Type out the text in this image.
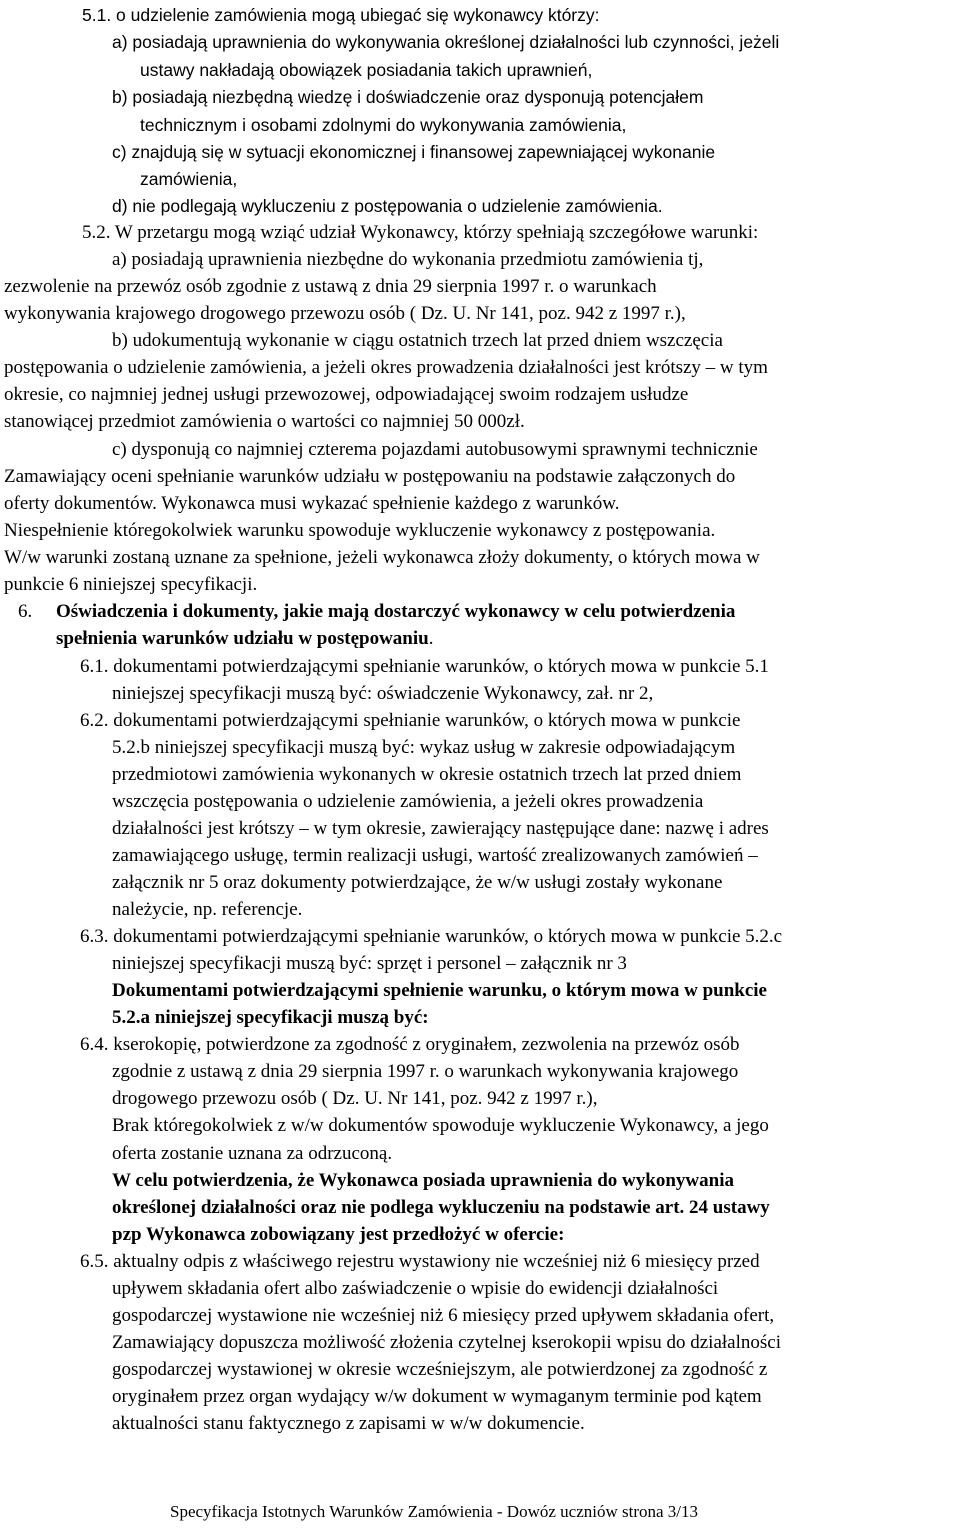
5.1. o udzielenie zamówienia mogą ubiegać się wykonawcy którzy:
a) posiadają uprawnienia do wykonywania określonej działalności lub czynności, jeżeli
ustawy nakładają obowiązek posiadania takich uprawnień,
b) posiadają niezbędną wiedzę i doświadczenie oraz dysponują potencjałem
technicznym i osobami zdolnymi do wykonywania zamówienia,
c) znajdują się w sytuacji ekonomicznej i finansowej zapewniającej wykonanie
zamówienia,
d) nie podlegają wykluczeniu z postępowania o udzielenie zamówienia.
5.2. W przetargu mogą wziąć udział Wykonawcy, którzy spełniają szczegółowe warunki:
a) posiadają uprawnienia niezbędne do wykonania przedmiotu zamówienia tj,
zezwolenie na przewóz osób zgodnie z ustawą z dnia 29 sierpnia 1997 r. o warunkach
wykonywania krajowego drogowego przewozu osób ( Dz. U. Nr 141, poz. 942 z 1997 r.),
b) udokumentują wykonanie w ciągu ostatnich trzech lat przed dniem wszczęcia
postępowania o udzielenie zamówienia, a jeżeli okres prowadzenia działalności jest krótszy – w tym
okresie, co najmniej jednej usługi przewozowej, odpowiadającej swoim rodzajem usłudze
stanowiącej przedmiot zamówienia o wartości co najmniej 50 000zł.
c) dysponują co najmniej czterema pojazdami autobusowymi sprawnymi technicznie
Zamawiający oceni spełnianie warunków udziału w postępowaniu na podstawie załączonych do
oferty dokumentów. Wykonawca musi wykazać spełnienie każdego z warunków.
Niespełnienie któregokolwiek warunku spowoduje wykluczenie wykonawcy z postępowania.
W/w warunki zostaną uznane za spełnione, jeżeli wykonawca złoży dokumenty, o których mowa w
punkcie 6 niniejszej specyfikacji.
6. Oświadczenia i dokumenty, jakie mają dostarczyć wykonawcy w celu potwierdzenia
spełnienia warunków udziału w postępowaniu.
6.1. dokumentami potwierdzającymi spełnianie warunków, o których mowa w punkcie 5.1
niniejszej specyfikacji muszą być: oświadczenie Wykonawcy, zał. nr 2,
6.2. dokumentami potwierdzającymi spełnianie warunków, o których mowa w punkcie
5.2.b niniejszej specyfikacji muszą być: wykaz usług w zakresie odpowiadającym
przedmiotowi zamówienia wykonanych w okresie ostatnich trzech lat przed dniem
wszczęcia postępowania o udzielenie zamówienia, a jeżeli okres prowadzenia
działalności jest krótszy – w tym okresie, zawierający następujące dane: nazwę i adres
zamawiającego usługę, termin realizacji usługi, wartość zrealizowanych zamówień –
załącznik nr 5 oraz dokumenty potwierdzające, że w/w usługi zostały wykonane
należycie, np. referencje.
6.3. dokumentami potwierdzającymi spełnianie warunków, o których mowa w punkcie 5.2.c
niniejszej specyfikacji muszą być: sprzęt i personel – załącznik nr 3
Dokumentami potwierdzającymi spełnienie warunku, o którym mowa w punkcie
5.2.a niniejszej specyfikacji muszą być:
6.4. kserokopię, potwierdzone za zgodność z oryginałem, zezwolenia na przewóz osób
zgodnie z ustawą z dnia 29 sierpnia 1997 r. o warunkach wykonywania krajowego
drogowego przewozu osób ( Dz. U. Nr 141, poz. 942 z 1997 r.),
Brak któregokolwiek z w/w dokumentów spowoduje wykluczenie Wykonawcy, a jego
oferta zostanie uznana za odrzuconą.
W celu potwierdzenia, że Wykonawca posiada uprawnienia do wykonywania
określonej działalności oraz nie podlega wykluczeniu na podstawie art. 24 ustawy
pzp Wykonawca zobowiązany jest przedłożyć w ofercie:
6.5. aktualny odpis z właściwego rejestru wystawiony nie wcześniej niż 6 miesięcy przed
upływem składania ofert albo zaświadczenie o wpisie do ewidencji działalności
gospodarczej wystawione nie wcześniej niż 6 miesięcy przed upływem składania ofert,
Zamawiający dopuszcza możliwość złożenia czytelnej kserokopii wpisu do działalności
gospodarczej wystawionej w okresie wcześniejszym, ale potwierdzonej za zgodność z
oryginałem przez organ wydający w/w dokument w wymaganym terminie pod kątem
aktualności stanu faktycznego z zapisami w w/w dokumencie.
Specyfikacja Istotnych Warunków Zamówienia - Dowóz uczniów strona 3/13
